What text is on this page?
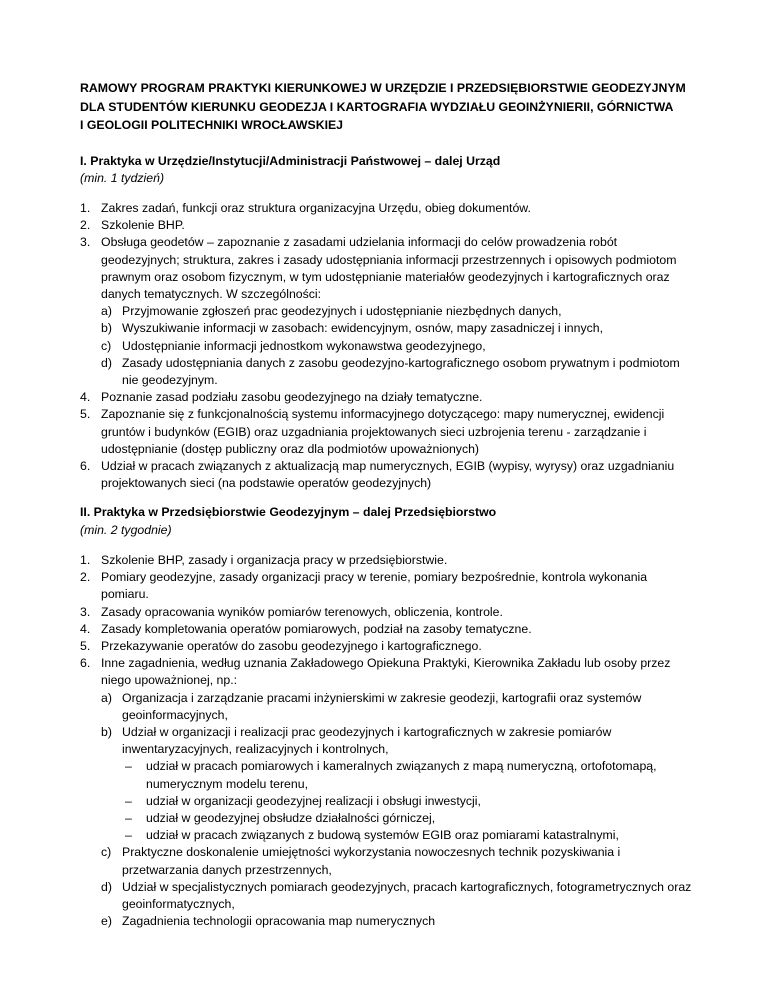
RAMOWY PROGRAM PRAKTYKI KIERUNKOWEJ W URZĘDZIE I PRZEDSIĘBIORSTWIE GEODEZYJNYM
DLA STUDENTÓW KIERUNKU GEODEZJA I KARTOGRAFIA WYDZIAŁU GEOINŻYNIERII, GÓRNICTWA
I GEOLOGII POLITECHNIKI WROCŁAWSKIEJ
I. Praktyka w Urzędzie/Instytucji/Administracji Państwowej – dalej Urząd
(min. 1 tydzień)
1. Zakres zadań, funkcji oraz struktura organizacyjna Urzędu, obieg dokumentów.
2. Szkolenie BHP.
3. Obsługa geodetów – zapoznanie z zasadami udzielania informacji do celów prowadzenia robót geodezyjnych; struktura, zakres i zasady udostępniania informacji przestrzennych i opisowych podmiotom prawnym oraz osobom fizycznym, w tym udostępnianie materiałów geodezyjnych i kartograficznych oraz danych tematycznych. W szczególności:
a) Przyjmowanie zgłoszeń prac geodezyjnych i udostępnianie niezbędnych danych,
b) Wyszukiwanie informacji w zasobach: ewidencyjnym, osnów, mapy zasadniczej i innych,
c) Udostępnianie informacji jednostkom wykonawstwa geodezyjnego,
d) Zasady udostępniania danych z zasobu geodezyjno-kartograficznego osobom prywatnym i podmiotom nie geodezyjnym.
4. Poznanie zasad podziału zasobu geodezyjnego na działy tematyczne.
5. Zapoznanie się z funkcjonalnością systemu informacyjnego dotyczącego: mapy numerycznej, ewidencji gruntów i budynków (EGIB) oraz uzgadniania projektowanych sieci uzbrojenia terenu - zarządzanie i udostępnianie (dostęp publiczny oraz dla podmiotów upoważnionych)
6. Udział w pracach związanych z aktualizacją map numerycznych, EGIB (wypisy, wyrysy) oraz uzgadnianiu projektowanych sieci (na podstawie operatów geodezyjnych)
II. Praktyka w Przedsiębiorstwie Geodezyjnym – dalej Przedsiębiorstwo
(min. 2 tygodnie)
1. Szkolenie BHP, zasady i organizacja pracy w przedsiębiorstwie.
2. Pomiary geodezyjne, zasady organizacji pracy w terenie, pomiary bezpośrednie, kontrola wykonania pomiaru.
3. Zasady opracowania wyników pomiarów terenowych, obliczenia, kontrole.
4. Zasady kompletowania operatów pomiarowych, podział na zasoby tematyczne.
5. Przekazywanie operatów do zasobu geodezyjnego i kartograficznego.
6. Inne zagadnienia, według uznania Zakładowego Opiekuna Praktyki, Kierownika Zakładu lub osoby przez niego upoważnionej, np.:
a) Organizacja i zarządzanie pracami inżynierskimi w zakresie geodezji, kartografii oraz systemów geoinformacyjnych,
b) Udział w organizacji i realizacji prac geodezyjnych i kartograficznych w zakresie pomiarów inwentaryzacyjnych, realizacyjnych i kontrolnych,
– udział w pracach pomiarowych i kameralnych związanych z mapą numeryczną, ortofotomapą, numerycznym modelu terenu,
– udział w organizacji geodezyjnej realizacji i obsługi inwestycji,
– udział w geodezyjnej obsłudze działalności górniczej,
– udział w pracach związanych z budową systemów EGIB oraz pomiarami katastralnymi,
c) Praktyczne doskonalenie umiejętności wykorzystania nowoczesnych technik pozyskiwania i przetwarzania danych przestrzennych,
d) Udział w specjalistycznych pomiarach geodezyjnych, pracach kartograficznych, fotogrametrycznych oraz geoinformatycznych,
e) Zagadnienia technologii opracowania map numerycznych
